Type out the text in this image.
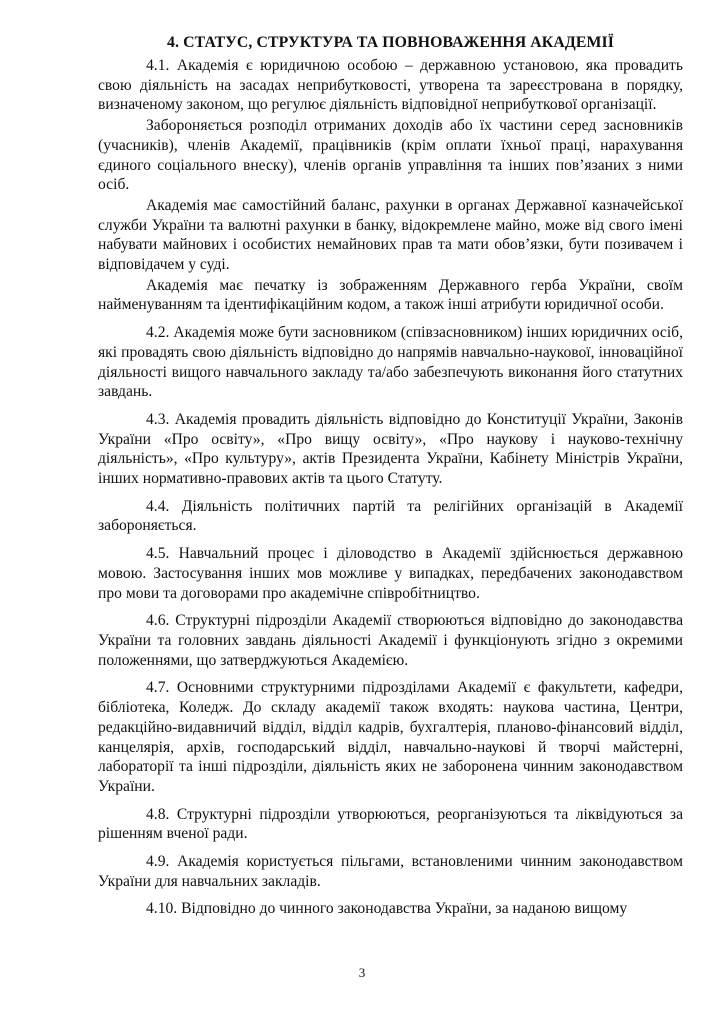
4. СТАТУС, СТРУКТУРА ТА ПОВНОВАЖЕННЯ АКАДЕМІЇ

4.1. Академія є юридичною особою – державною установою, яка провадить свою діяльність на засадах неприбутковості, утворена та зареєстрована в порядку, визначеному законом, що регулює діяльність відповідної неприбуткової організації.

Забороняється розподіл отриманих доходів або їх частини серед засновників (учасників), членів Академії, працівників (крім оплати їхньої праці, нарахування єдиного соціального внеску), членів органів управління та інших пов’язаних з ними осіб.

Академія має самостійний баланс, рахунки в органах Державної казначейської служби України та валютні рахунки в банку, відокремлене майно, може від свого імені набувати майнових і особистих немайнових прав та мати обов’язки, бути позивачем і відповідачем у суді.

Академія має печатку із зображенням Державного герба України, своїм найменуванням та ідентифікаційним кодом, а також інші атрибути юридичної особи.

4.2. Академія може бути засновником (співзасновником) інших юридичних осіб, які провадять свою діяльність відповідно до напрямів навчально-наукової, інноваційної діяльності вищого навчального закладу та/або забезпечують виконання його статутних завдань.

4.3. Академія провадить діяльність відповідно до Конституції України, Законів України «Про освіту», «Про вищу освіту», «Про наукову і науково-технічну діяльність», «Про культуру», актів Президента України, Кабінету Міністрів України, інших нормативно-правових актів та цього Статуту.

4.4. Діяльність політичних партій та релігійних організацій в Академії забороняється.

4.5. Навчальний процес і діловодство в Академії здійснюється державною мовою. Застосування інших мов можливе у випадках, передбачених законодавством про мови та договорами про академічне співробітництво.

4.6. Структурні підрозділи Академії створюються відповідно до законодавства України та головних завдань діяльності Академії і функціонують згідно з окремими положеннями, що затверджуються Академією.

4.7. Основними структурними підрозділами Академії є факультети, кафедри, бібліотека, Коледж. До складу академії також входять: наукова частина, Центри, редакційно-видавничий відділ, відділ кадрів, бухгалтерія, планово-фінансовий відділ, канцелярія, архів, господарський відділ, навчально-наукові й творчі майстерні, лабораторії та інші підрозділи, діяльність яких не заборонена чинним законодавством України.

4.8. Структурні підрозділи утворюються, реорганізуються та ліквідуються за рішенням вченої ради.

4.9. Академія користується пільгами, встановленими чинним законодавством України для навчальних закладів.

4.10. Відповідно до чинного законодавства України, за наданою вищому

3
